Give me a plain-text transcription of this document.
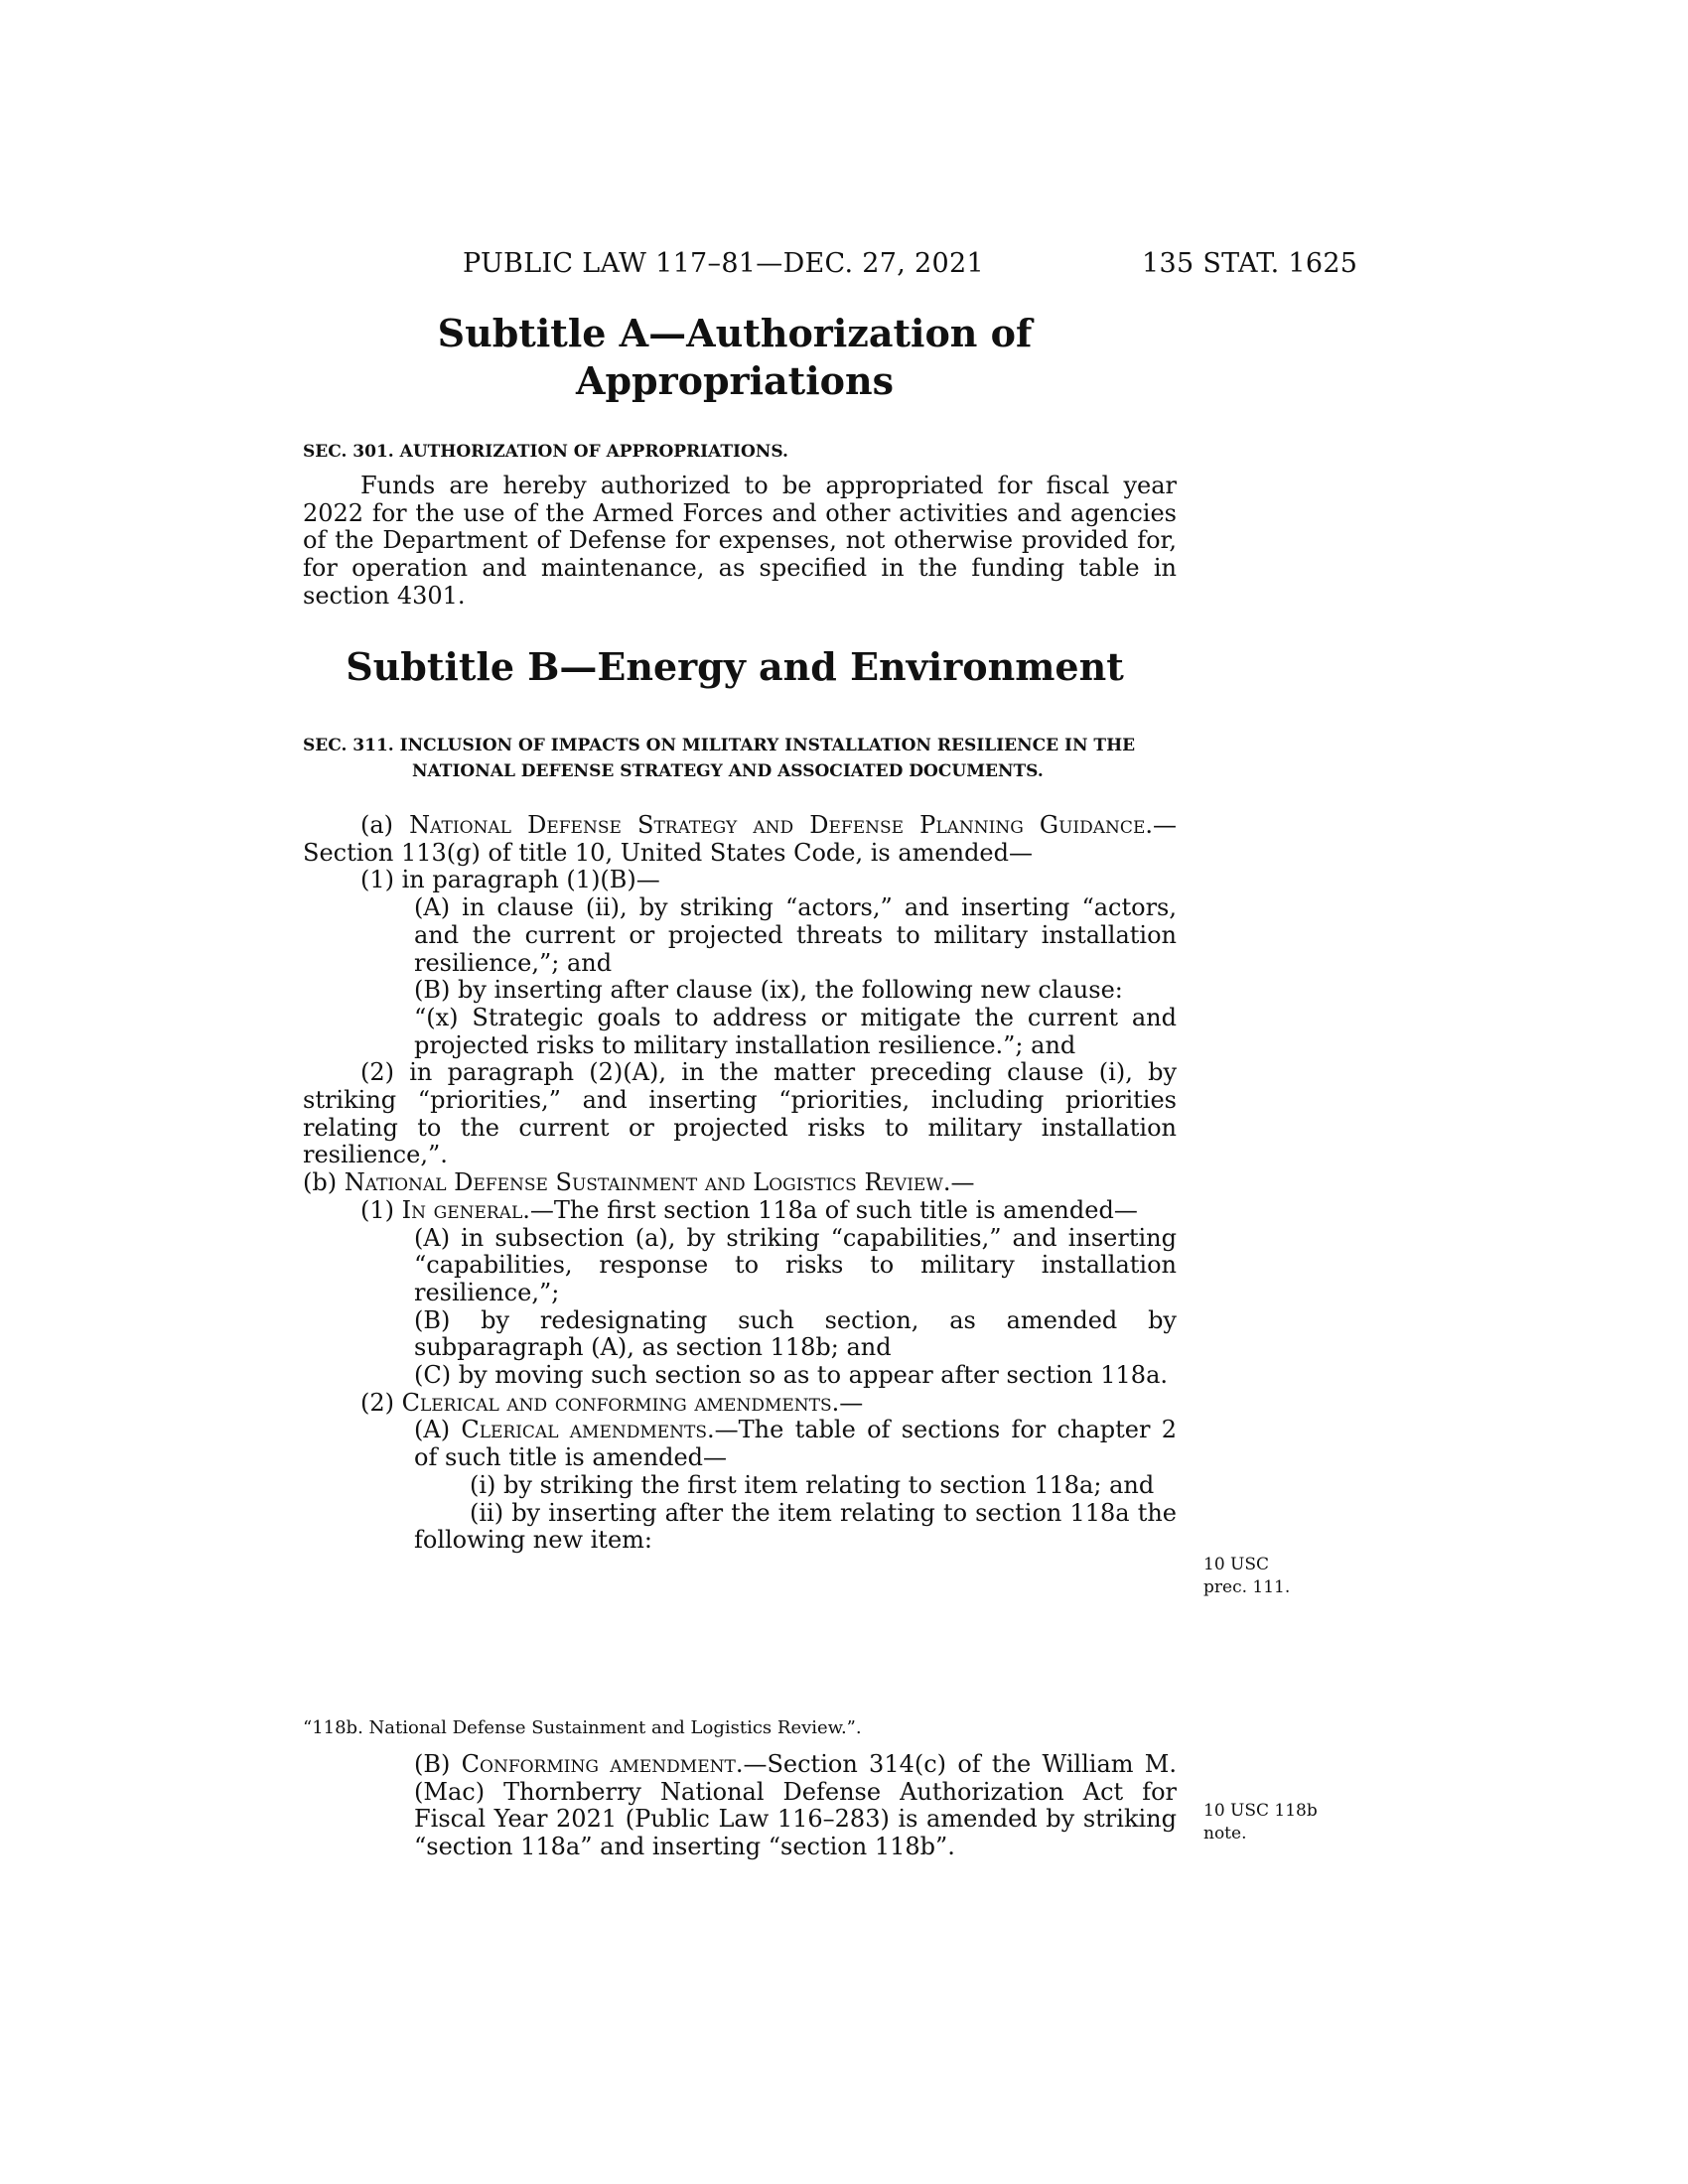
PUBLIC LAW 117–81—DEC. 27, 2021	135 STAT. 1625
Subtitle A—Authorization of
Appropriations
SEC. 301. AUTHORIZATION OF APPROPRIATIONS.

Funds are hereby authorized to be appropriated for fiscal year 2022 for the use of the Armed Forces and other activities and agencies of the Department of Defense for expenses, not otherwise provided for, for operation and maintenance, as specified in the funding table in section 4301.

Subtitle B—Energy and Environment
SEC. 311. INCLUSION OF IMPACTS ON MILITARY INSTALLATION RESILIENCE IN THE NATIONAL DEFENSE STRATEGY AND ASSOCIATED DOCUMENTS.

(a) National Defense Strategy and Defense Planning Guidance.—Section 113(g) of title 10, United States Code, is amended—

(1) in paragraph (1)(B)—

(A) in clause (ii), by striking “actors,” and inserting “actors, and the current or projected threats to military installation resilience,”; and

(B) by inserting after clause (ix), the following new clause:

“(x) Strategic goals to address or mitigate the current and projected risks to military installation resilience.”; and

(2) in paragraph (2)(A), in the matter preceding clause (i), by striking “priorities,” and inserting “priorities, including priorities relating to the current or projected risks to military installation resilience,”.

(b) National Defense Sustainment and Logistics Review.—

(1) In general.—The first section 118a of such title is amended—

(A) in subsection (a), by striking “capabilities,” and inserting “capabilities, response to risks to military installation resilience,”;

(B) by redesignating such section, as amended by subparagraph (A), as section 118b; and

(C) by moving such section so as to appear after section 118a.

(2) Clerical and conforming amendments.—

(A) Clerical amendments.—The table of sections for chapter 2 of such title is amended—

(i) by striking the first item relating to section 118a; and

(ii) by inserting after the item relating to section 118a the following new item:

“118b. National Defense Sustainment and Logistics Review.”.

(B) Conforming amendment.—Section 314(c) of the William M. (Mac) Thornberry National Defense Authorization Act for Fiscal Year 2021 (Public Law 116–283) is amended by striking “section 118a” and inserting “section 118b”.

10 USC
prec. 111.
10 USC 118b
note.
